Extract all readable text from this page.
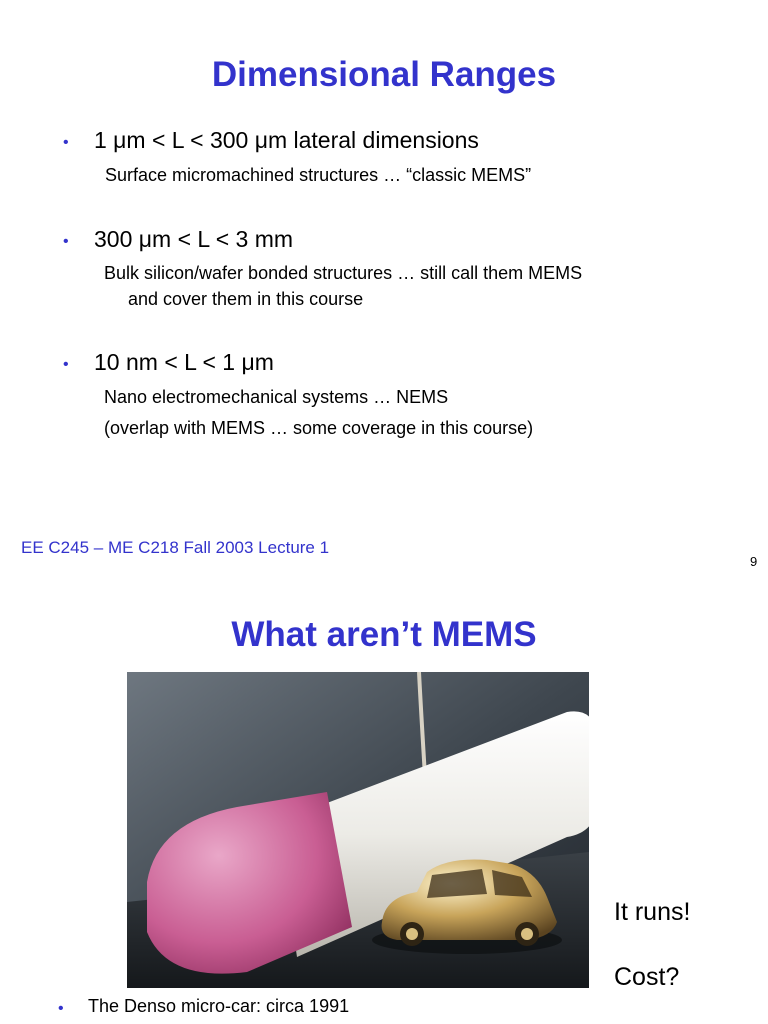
Dimensional Ranges
• 1 μm < L < 300 μm lateral dimensions
Surface micromachined structures … “classic MEMS”
• 300 μm < L < 3 mm
Bulk silicon/wafer bonded structures … still call them MEMS
and cover them in this course
• 10 nm < L < 1 μm
Nano electromechanical systems … NEMS
(overlap with MEMS … some coverage in this course)
EE C245 – ME C218 Fall 2003 Lecture 1
9
What aren’t MEMS
It runs!
Cost?
• The Denso micro-car: circa 1991
